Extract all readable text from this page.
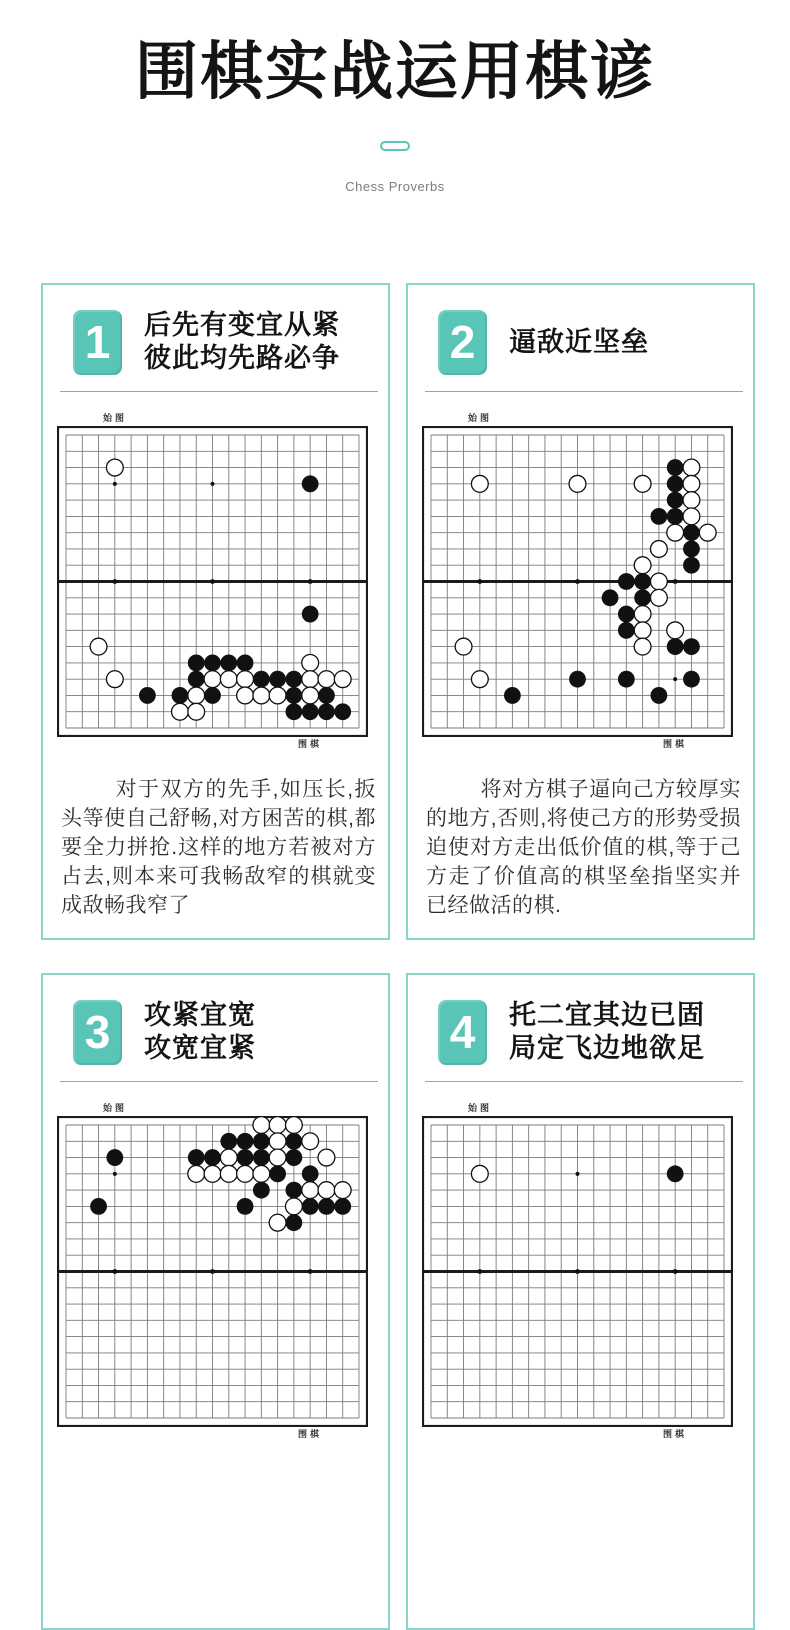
围棋实战运用棋谚
Chess Proverbs
1	后先有变宜从紧
彼此均先路必争
始图
围棋
对于双方的先手,如压长,扳头等使自己舒畅,对方困苦的棋,都要全力拼抢.这样的地方若被对方占去,则本来可我畅敌窄的棋就变成敌畅我窄了
2	逼敌近坚垒
始图
围棋
将对方棋子逼向己方较厚实的地方,否则,将使己方的形势受损迫使对方走出低价值的棋,等于己方走了价值高的棋坚垒指坚实并已经做活的棋.
3	攻紧宜宽
攻宽宜紧
始图
围棋
4	托二宜其边已固
局定飞边地欲足
始图
围棋
